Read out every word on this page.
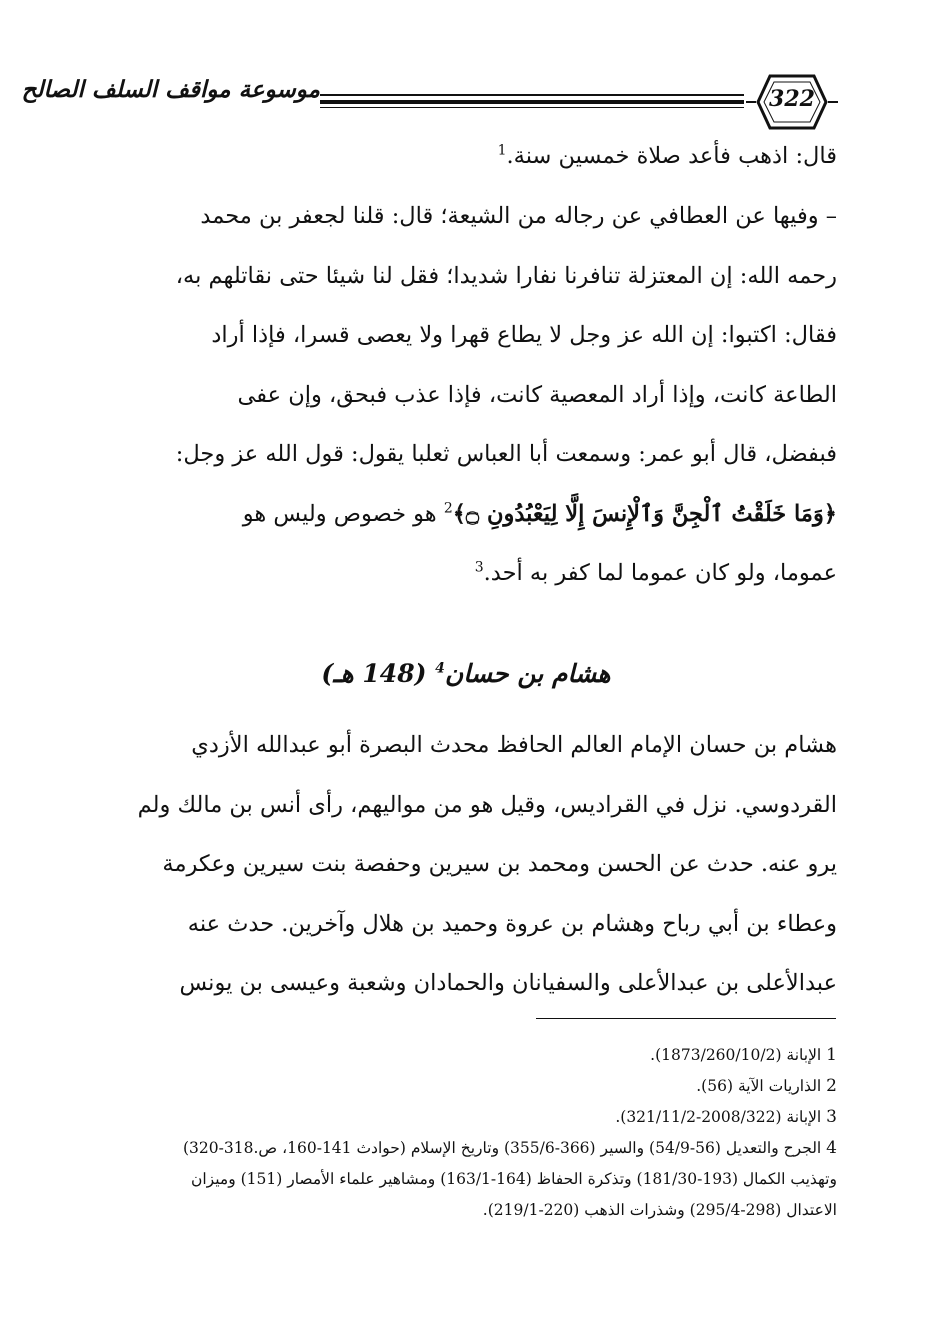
322
موسوعة مواقف السلف الصالح
قال: اذهب فأعد صلاة خمسين سنة.$^1$
– وفيها عن العطافي عن رجاله من الشيعة؛ قال: قلنا لجعفر بن محمد
رحمه الله: إن المعتزلة تنافرنا نفارا شديدا؛ فقل لنا شيئا حتى نقاتلهم به،
فقال: اكتبوا: إن الله عز وجل لا يطاع قهرا ولا يعصى قسرا، فإذا أراد
الطاعة كانت، وإذا أراد المعصية كانت، فإذا عذب فبحق، وإن عفى
فبفضل، قال أبو عمر: وسمعت أبا العباس ثعلبا يقول: قول الله عز وجل:
﴿وَمَا خَلَقْتُ ٱلْجِنَّ وَٱلْإِنسَ إِلَّا لِيَعْبُدُونِ ۝﴾$^2$ هو خصوص وليس هو
عموما، ولو كان عموما لما كفر به أحد.$^3$
هشام بن حسان$^4$ (148 هـ)
هشام بن حسان الإمام العالم الحافظ محدث البصرة أبو عبدالله الأزدي
القردوسي. نزل في القراديس، وقيل هو من مواليهم، رأى أنس بن مالك ولم
يرو عنه. حدث عن الحسن ومحمد بن سيرين وحفصة بنت سيرين وعكرمة
وعطاء بن أبي رباح وهشام بن عروة وحميد بن هلال وآخرين. حدث عنه
عبدالأعلى بن عبدالأعلى والسفيانان والحمادان وشعبة وعيسى بن يونس
1 الإبانة (1873/260/10/2).
2 الذاريات الآية (56).
3 الإبانة (2008/322-321/11/2).
4 الجرح والتعديل (56-54/9) والسير (366-355/6) وتاريخ الإسلام (حوادث 141-160، ص.318-320)
وتهذيب الكمال (193-181/30) وتذكرة الحفاظ (164-163/1) ومشاهير علماء الأمصار (151) وميزان
الاعتدال (298-295/4) وشذرات الذهب (220-219/1).
